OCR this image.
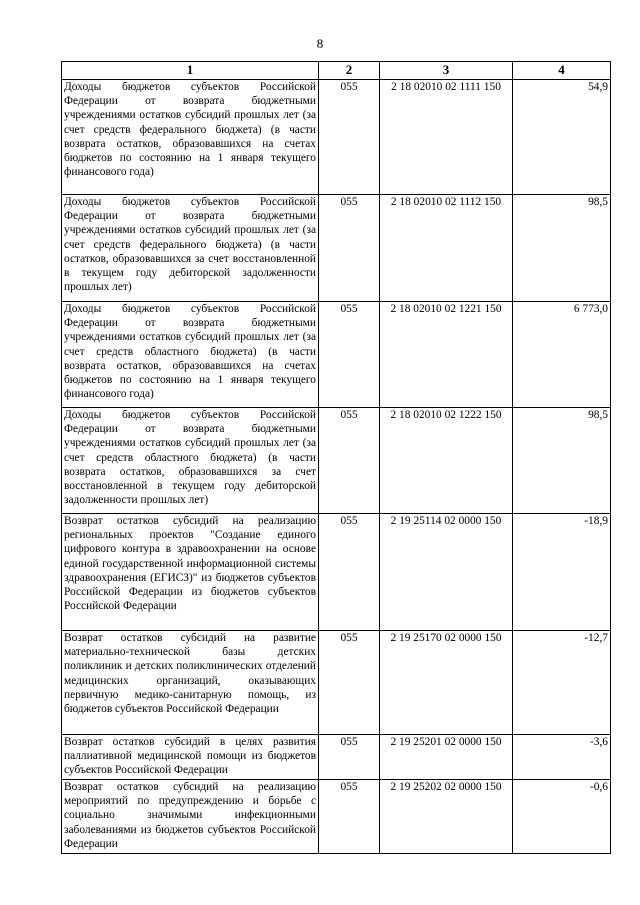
8
1	2	3	4
Доходы бюджетов субъектов Российской Федерации от возврата бюджетными учреждениями остатков субсидий прошлых лет (за счет средств федерального бюджета) (в части возврата остатков, образовавшихся на счетах бюджетов по состоянию на 1 января текущего финансового года)	055	2 18 02010 02 1111 150	54,9
Доходы бюджетов субъектов Российской Федерации от возврата бюджетными учреждениями остатков субсидий прошлых лет (за счет средств федерального бюджета) (в части остатков, образовавшихся за счет восстановленной в текущем году дебиторской задолженности прошлых лет)	055	2 18 02010 02 1112 150	98,5
Доходы бюджетов субъектов Российской Федерации от возврата бюджетными учреждениями остатков субсидий прошлых лет (за счет средств областного бюджета) (в части возврата остатков, образовавшихся на счетах бюджетов по состоянию на 1 января текущего финансового года)	055	2 18 02010 02 1221 150	6 773,0
Доходы бюджетов субъектов Российской Федерации от возврата бюджетными учреждениями остатков субсидий прошлых лет (за счет средств областного бюджета) (в части возврата остатков, образовавшихся за счет восстановленной в текущем году дебиторской задолженности прошлых лет)	055	2 18 02010 02 1222 150	98,5
Возврат остатков субсидий на реализацию региональных проектов "Создание единого цифрового контура в здравоохранении на основе единой государственной информационной системы здравоохранения (ЕГИСЗ)" из бюджетов субъектов Российской Федерации из бюджетов субъектов Российской Федерации	055	2 19 25114 02 0000 150	-18,9
Возврат остатков субсидий на развитие материально-технической базы детских поликлиник и детских поликлинических отделений медицинских организаций, оказывающих первичную медико-санитарную помощь, из бюджетов субъектов Российской Федерации	055	2 19 25170 02 0000 150	-12,7
Возврат остатков субсидий в целях развития паллиативной медицинской помощи из бюджетов субъектов Российской Федерации	055	2 19 25201 02 0000 150	-3,6
Возврат остатков субсидий на реализацию мероприятий по предупреждению и борьбе с социально значимыми инфекционными заболеваниями из бюджетов субъектов Российской Федерации	055	2 19 25202 02 0000 150	-0,6
